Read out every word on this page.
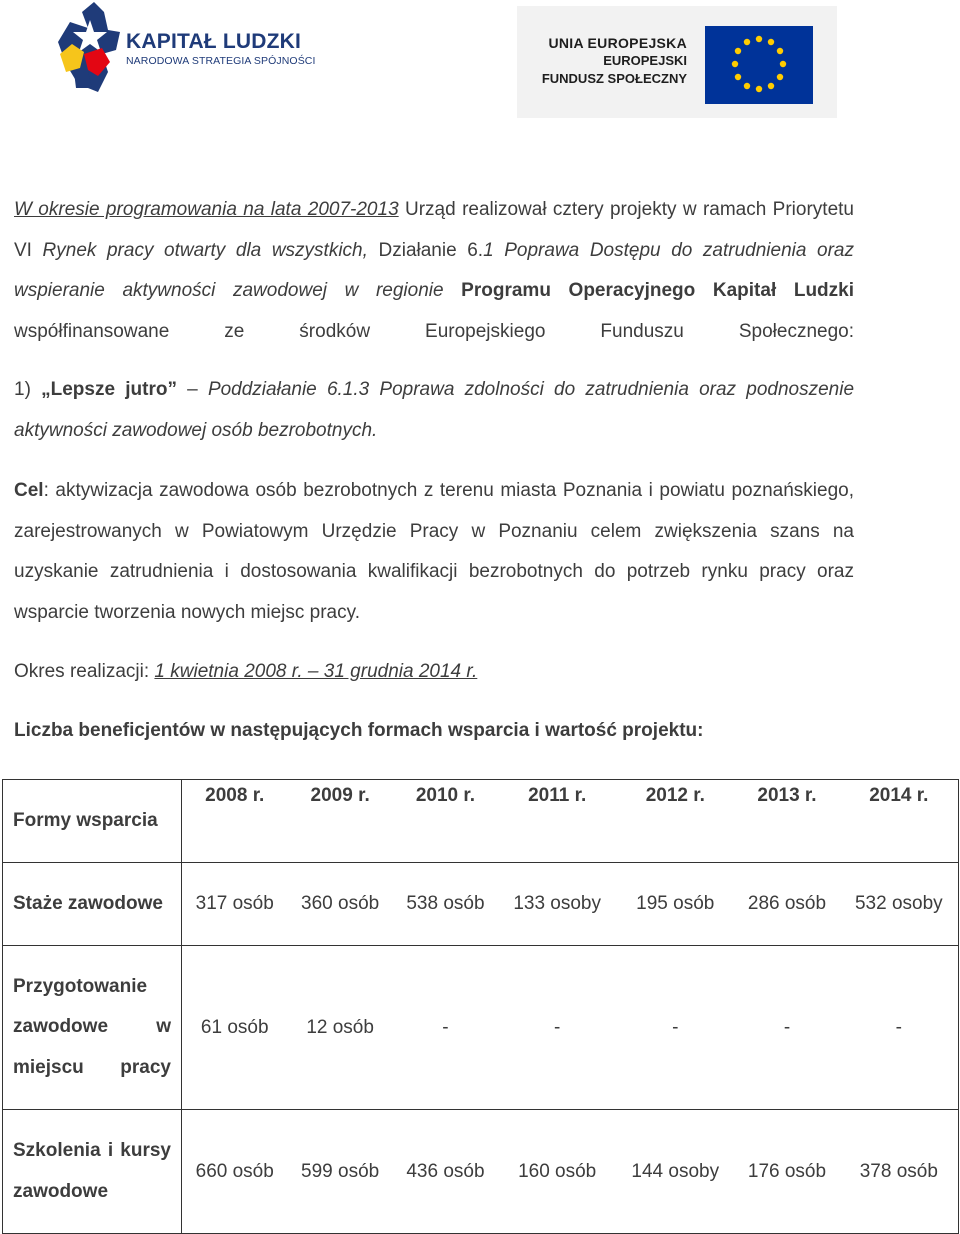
KAPITAŁ LUDZKI
NARODOWA STRATEGIA SPÓJNOŚCI
UNIA EUROPEJSKA
EUROPEJSKI
FUNDUSZ SPOŁECZNY

W okresie programowania na lata 2007-2013 Urząd realizował cztery projekty w ramach Priorytetu VI Rynek pracy otwarty dla wszystkich, Działanie 6.1 Poprawa Dostępu do zatrudnienia oraz wspieranie aktywności zawodowej w regionie Programu Operacyjnego Kapitał Ludzki współfinansowane ze środków Europejskiego Funduszu Społecznego:

1) „Lepsze jutro” – Poddziałanie 6.1.3 Poprawa zdolności do zatrudnienia oraz podnoszenie aktywności zawodowej osób bezrobotnych.

Cel: aktywizacja zawodowa osób bezrobotnych z terenu miasta Poznania i powiatu poznańskiego, zarejestrowanych w Powiatowym Urzędzie Pracy w Poznaniu celem zwiększenia szans na uzyskanie zatrudnienia i dostosowania kwalifikacji bezrobotnych do potrzeb rynku pracy oraz wsparcie tworzenia nowych miejsc pracy.

Okres realizacji: 1 kwietnia 2008 r. – 31 grudnia 2014 r.

Liczba beneficjentów w następujących formach wsparcia i wartość projektu:

Formy wsparcia	2008 r.	2009 r.	2010 r.	2011 r.	2012 r.	2013 r.	2014 r.
Staże zawodowe	317 osób	360 osób	538 osób	133 osoby	195 osób	286 osób	532 osoby
Przygotowanie zawodowe w miejscu pracy	61 osób	12 osób	-	-	-	-	-
Szkolenia i kursy zawodowe	660 osób	599 osób	436 osób	160 osób	144 osoby	176 osób	378 osób
